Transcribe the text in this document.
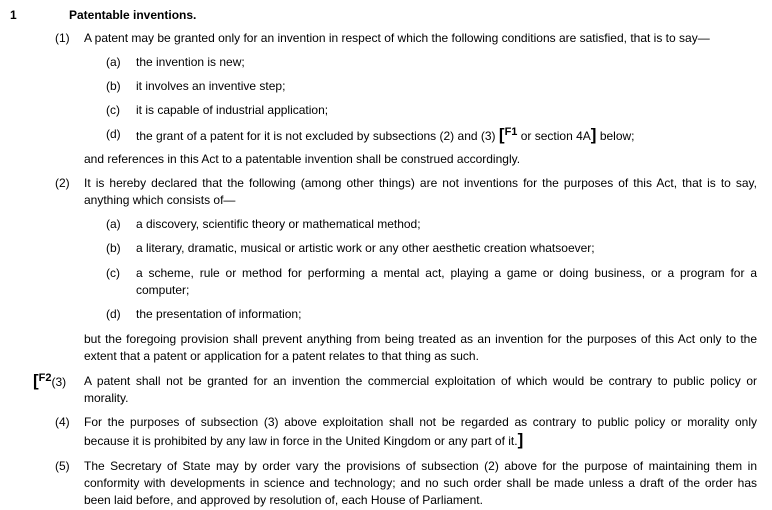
1	Patentable inventions.
(1) A patent may be granted only for an invention in respect of which the following conditions are satisfied, that is to say—
(a) the invention is new;
(b) it involves an inventive step;
(c) it is capable of industrial application;
(d) the grant of a patent for it is not excluded by subsections (2) and (3) [F1 or section 4A] below;
and references in this Act to a patentable invention shall be construed accordingly.
(2) It is hereby declared that the following (among other things) are not inventions for the purposes of this Act, that is to say,
anything which consists of—
(a) a discovery, scientific theory or mathematical method;
(b) a literary, dramatic, musical or artistic work or any other aesthetic creation whatsoever;
(c) a scheme, rule or method for performing a mental act, playing a game or doing business, or a program for a
computer;
(d) the presentation of information;
but the foregoing provision shall prevent anything from being treated as an invention for the purposes of this Act only to the
extent that a patent or application for a patent relates to that thing as such.
[F2(3) A patent shall not be granted for an invention the commercial exploitation of which would be contrary to public policy or
morality.
(4) For the purposes of subsection (3) above exploitation shall not be regarded as contrary to public policy or morality only
because it is prohibited by any law in force in the United Kingdom or any part of it.]
(5) The Secretary of State may by order vary the provisions of subsection (2) above for the purpose of maintaining them in
conformity with developments in science and technology; and no such order shall be made unless a draft of the order has
been laid before, and approved by resolution of, each House of Parliament.
